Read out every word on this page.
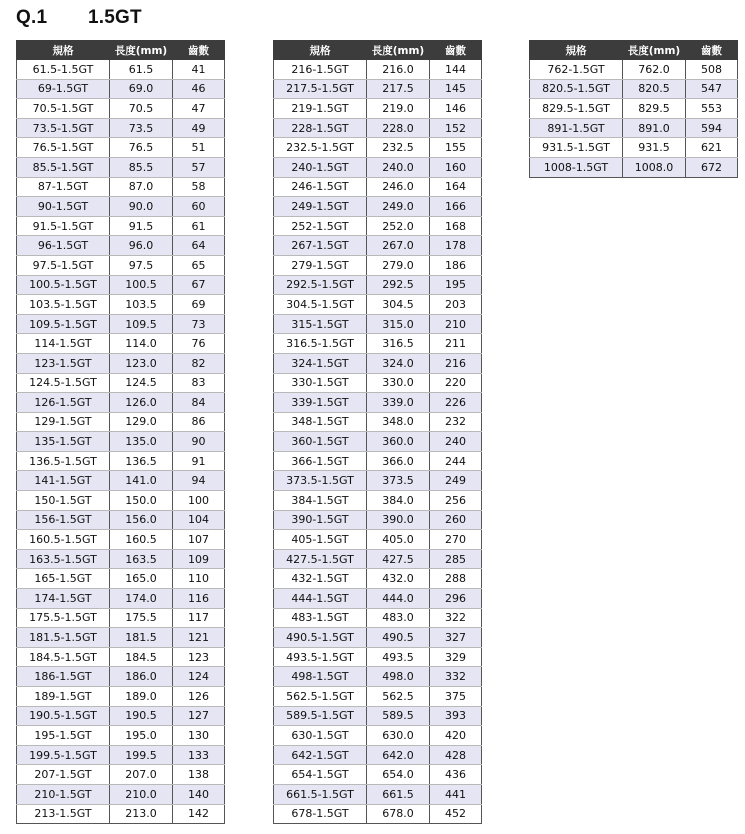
Q.1 1.5GT
規格	長度(mm)	齒數
61.5-1.5GT	61.5	41
69-1.5GT	69.0	46
70.5-1.5GT	70.5	47
73.5-1.5GT	73.5	49
76.5-1.5GT	76.5	51
85.5-1.5GT	85.5	57
87-1.5GT	87.0	58
90-1.5GT	90.0	60
91.5-1.5GT	91.5	61
96-1.5GT	96.0	64
97.5-1.5GT	97.5	65
100.5-1.5GT	100.5	67
103.5-1.5GT	103.5	69
109.5-1.5GT	109.5	73
114-1.5GT	114.0	76
123-1.5GT	123.0	82
124.5-1.5GT	124.5	83
126-1.5GT	126.0	84
129-1.5GT	129.0	86
135-1.5GT	135.0	90
136.5-1.5GT	136.5	91
141-1.5GT	141.0	94
150-1.5GT	150.0	100
156-1.5GT	156.0	104
160.5-1.5GT	160.5	107
163.5-1.5GT	163.5	109
165-1.5GT	165.0	110
174-1.5GT	174.0	116
175.5-1.5GT	175.5	117
181.5-1.5GT	181.5	121
184.5-1.5GT	184.5	123
186-1.5GT	186.0	124
189-1.5GT	189.0	126
190.5-1.5GT	190.5	127
195-1.5GT	195.0	130
199.5-1.5GT	199.5	133
207-1.5GT	207.0	138
210-1.5GT	210.0	140
213-1.5GT	213.0	142
規格	長度(mm)	齒數
216-1.5GT	216.0	144
217.5-1.5GT	217.5	145
219-1.5GT	219.0	146
228-1.5GT	228.0	152
232.5-1.5GT	232.5	155
240-1.5GT	240.0	160
246-1.5GT	246.0	164
249-1.5GT	249.0	166
252-1.5GT	252.0	168
267-1.5GT	267.0	178
279-1.5GT	279.0	186
292.5-1.5GT	292.5	195
304.5-1.5GT	304.5	203
315-1.5GT	315.0	210
316.5-1.5GT	316.5	211
324-1.5GT	324.0	216
330-1.5GT	330.0	220
339-1.5GT	339.0	226
348-1.5GT	348.0	232
360-1.5GT	360.0	240
366-1.5GT	366.0	244
373.5-1.5GT	373.5	249
384-1.5GT	384.0	256
390-1.5GT	390.0	260
405-1.5GT	405.0	270
427.5-1.5GT	427.5	285
432-1.5GT	432.0	288
444-1.5GT	444.0	296
483-1.5GT	483.0	322
490.5-1.5GT	490.5	327
493.5-1.5GT	493.5	329
498-1.5GT	498.0	332
562.5-1.5GT	562.5	375
589.5-1.5GT	589.5	393
630-1.5GT	630.0	420
642-1.5GT	642.0	428
654-1.5GT	654.0	436
661.5-1.5GT	661.5	441
678-1.5GT	678.0	452
規格	長度(mm)	齒數
762-1.5GT	762.0	508
820.5-1.5GT	820.5	547
829.5-1.5GT	829.5	553
891-1.5GT	891.0	594
931.5-1.5GT	931.5	621
1008-1.5GT	1008.0	672
